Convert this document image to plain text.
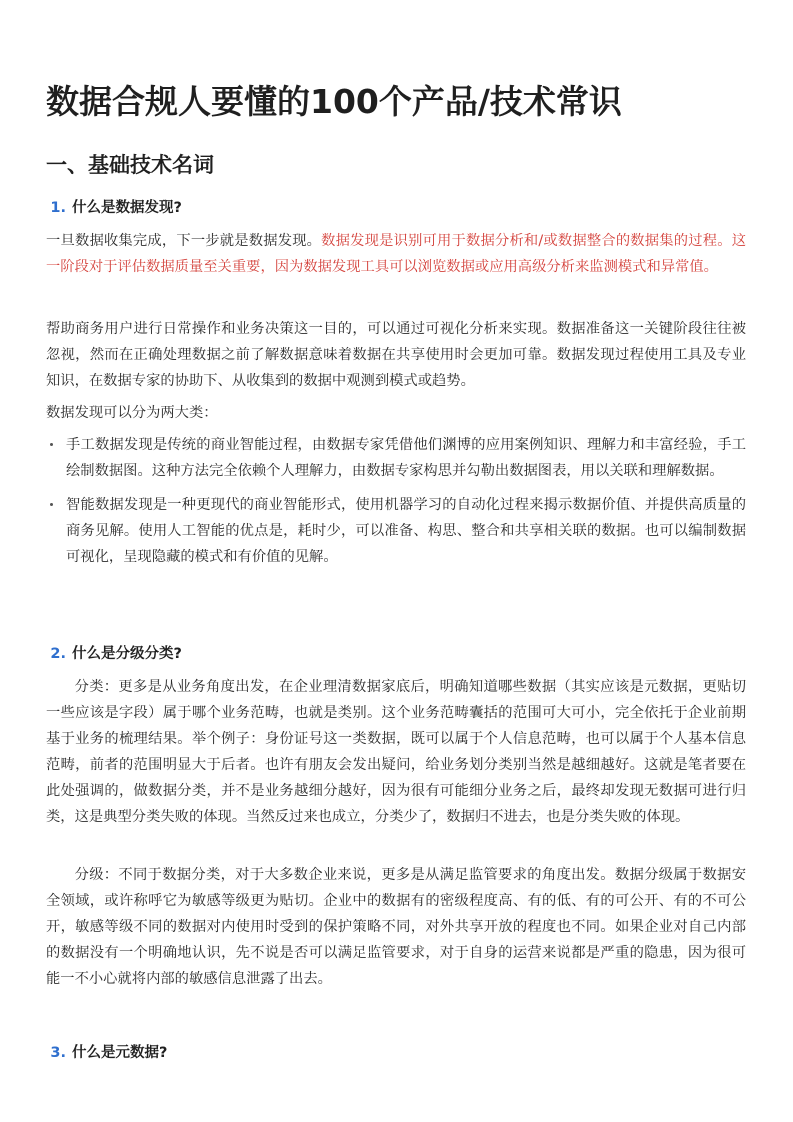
数据合规人要懂的100个产品/技术常识
一、基础技术名词
1. 什么是数据发现?

一旦数据收集完成，下一步就是数据发现。数据发现是识别可用于数据分析和/或数据整合的数据集的过程。这一阶段对于评估数据质量至关重要，因为数据发现工具可以浏览数据或应用高级分析来监测模式和异常值。

帮助商务用户进行日常操作和业务决策这一目的，可以通过可视化分析来实现。数据准备这一关键阶段往往被忽视，然而在正确处理数据之前了解数据意味着数据在共享使用时会更加可靠。数据发现过程使用工具及专业知识，在数据专家的协助下、从收集到的数据中观测到模式或趋势。

数据发现可以分为两大类：

手工数据发现是传统的商业智能过程，由数据专家凭借他们渊博的应用案例知识、理解力和丰富经验，手工绘制数据图。这种方法完全依赖个人理解力，由数据专家构思并勾勒出数据图表，用以关联和理解数据。
智能数据发现是一种更现代的商业智能形式，使用机器学习的自动化过程来揭示数据价值、并提供高质量的商务见解。使用人工智能的优点是，耗时少，可以准备、构思、整合和共享相关联的数据。也可以编制数据可视化，呈现隐藏的模式和有价值的见解。
2. 什么是分级分类?

分类：更多是从业务角度出发，在企业理清数据家底后，明确知道哪些数据（其实应该是元数据，更贴切一些应该是字段）属于哪个业务范畴，也就是类别。这个业务范畴囊括的范围可大可小，完全依托于企业前期基于业务的梳理结果。举个例子：身份证号这一类数据，既可以属于个人信息范畴，也可以属于个人基本信息范畴，前者的范围明显大于后者。也许有朋友会发出疑问，给业务划分类别当然是越细越好。这就是笔者要在此处强调的，做数据分类，并不是业务越细分越好，因为很有可能细分业务之后，最终却发现无数据可进行归类，这是典型分类失败的体现。当然反过来也成立，分类少了，数据归不进去，也是分类失败的体现。

分级：不同于数据分类，对于大多数企业来说，更多是从满足监管要求的角度出发。数据分级属于数据安全领域，或许称呼它为敏感等级更为贴切。企业中的数据有的密级程度高、有的低、有的可公开、有的不可公开，敏感等级不同的数据对内使用时受到的保护策略不同，对外共享开放的程度也不同。如果企业对自己内部的数据没有一个明确地认识，先不说是否可以满足监管要求，对于自身的运营来说都是严重的隐患，因为很可能一不小心就将内部的敏感信息泄露了出去。

3. 什么是元数据?
